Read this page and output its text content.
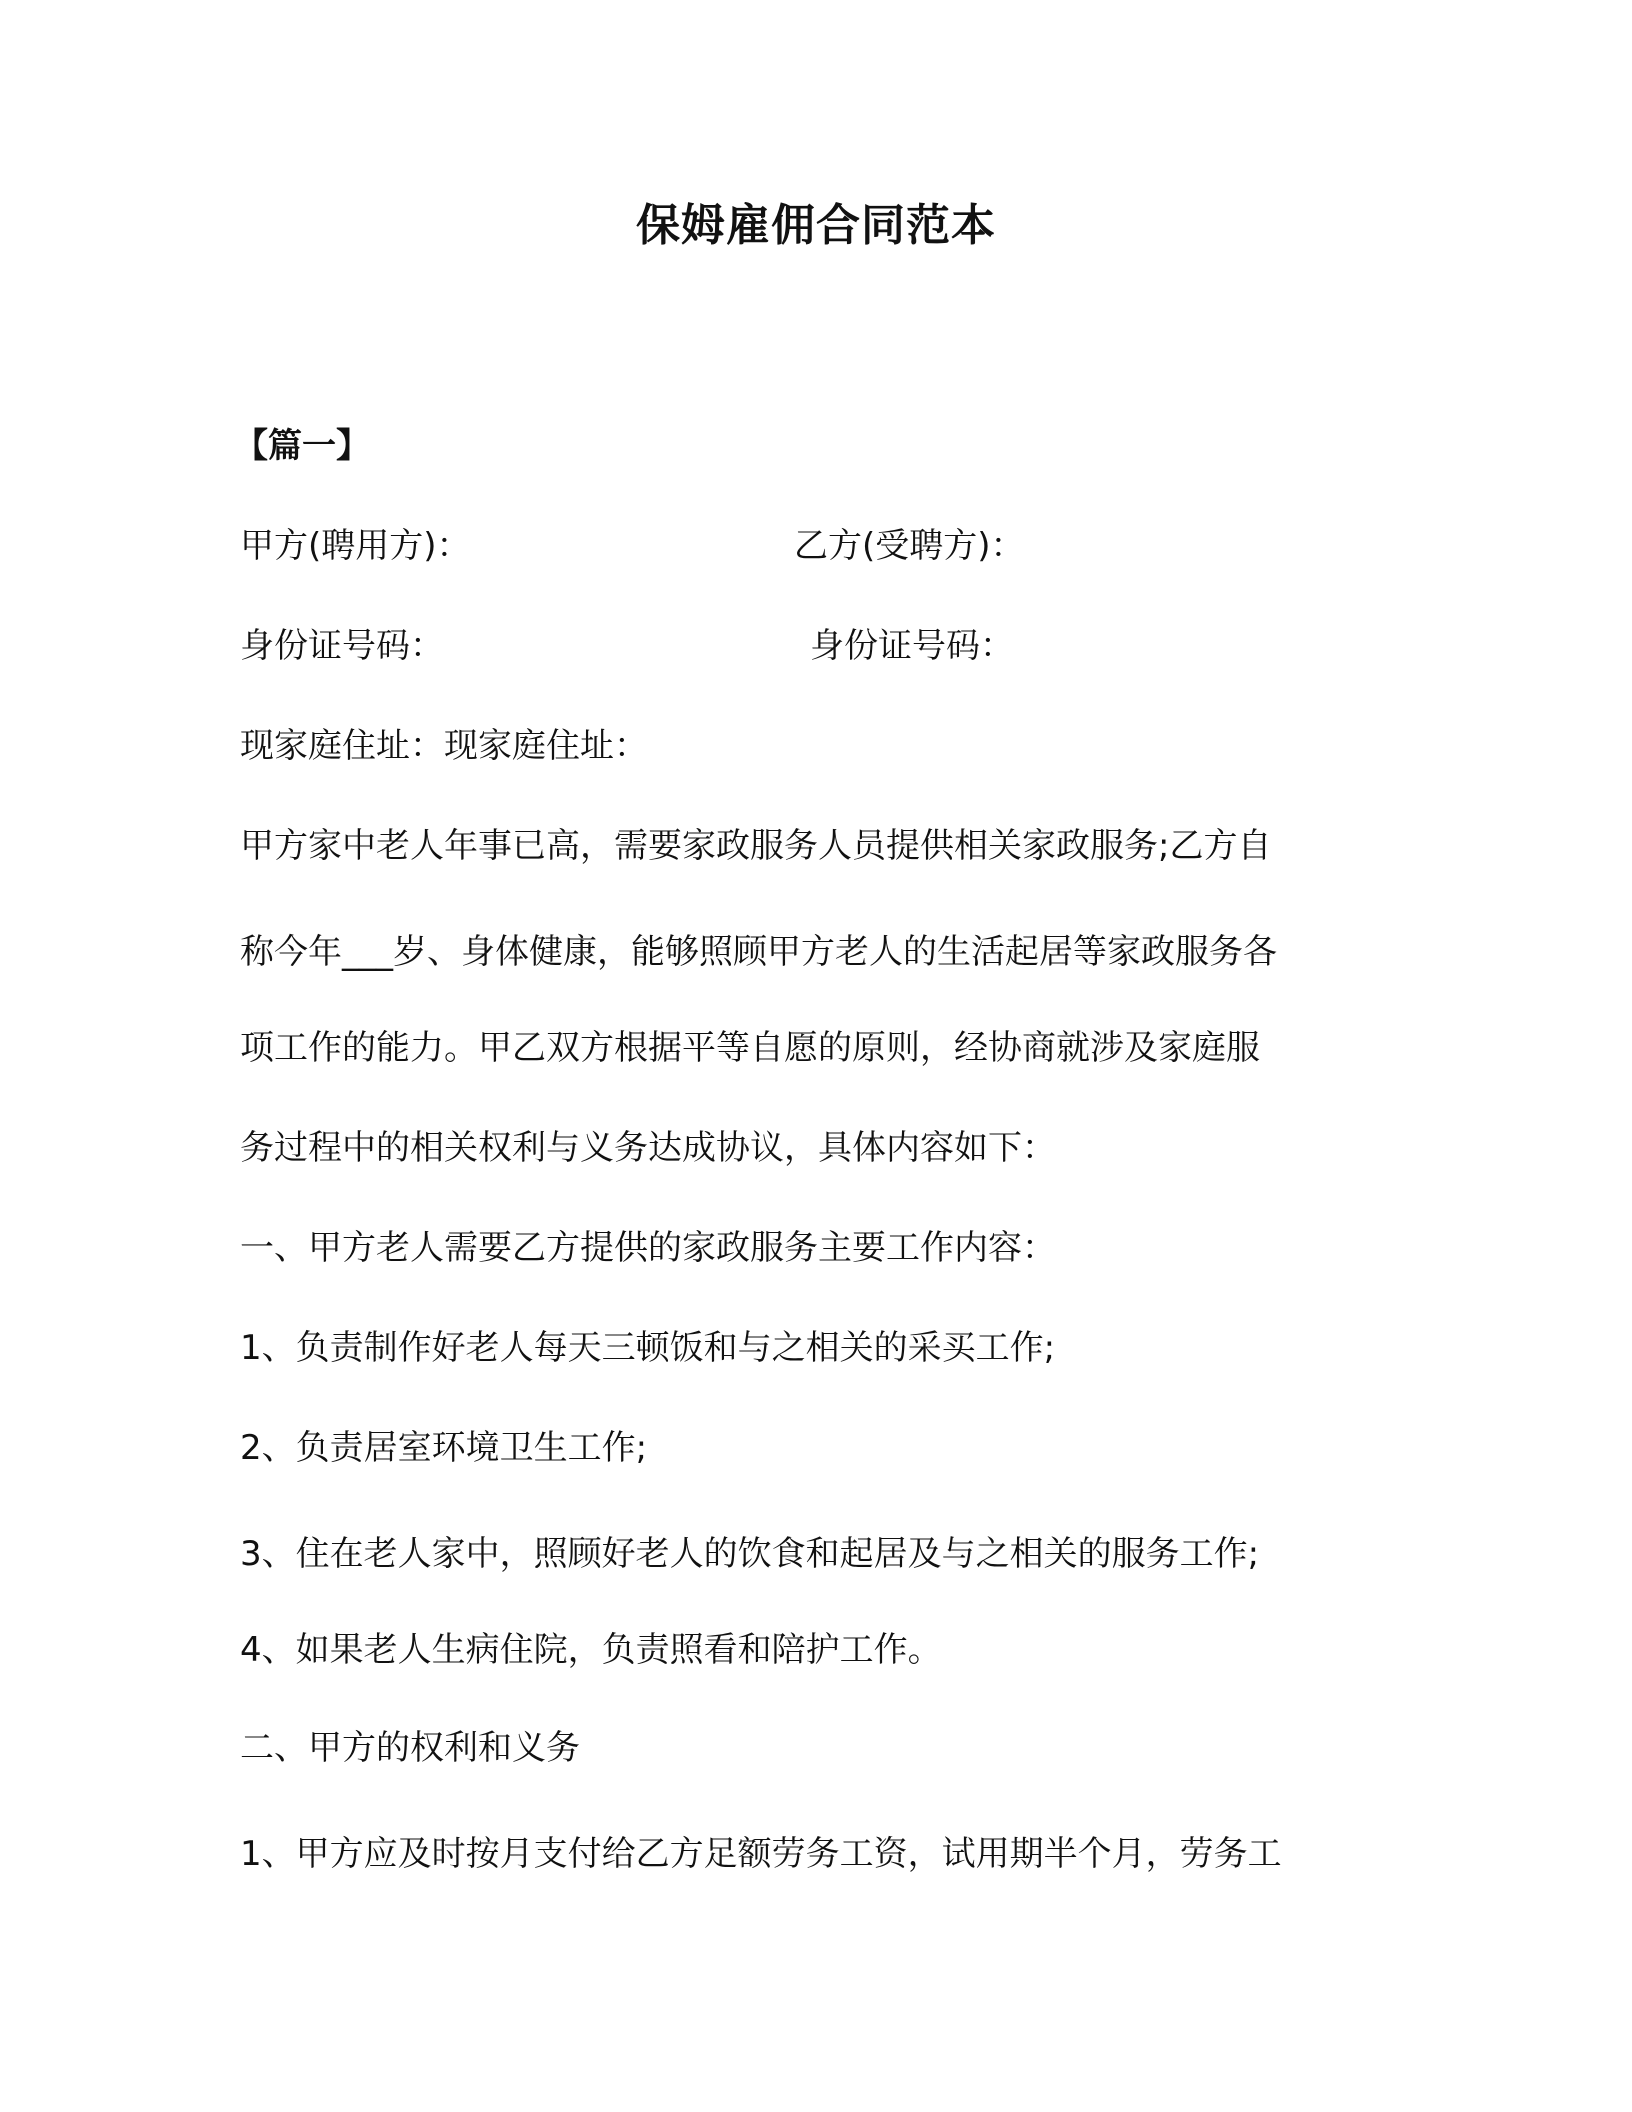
保姆雇佣合同范本
【篇一】
甲方(聘用方)：	乙方(受聘方)：
身份证号码：	身份证号码：
现家庭住址：现家庭住址：
甲方家中老人年事已高，需要家政服务人员提供相关家政服务;乙方自
称今年___岁、身体健康，能够照顾甲方老人的生活起居等家政服务各
项工作的能力。甲乙双方根据平等自愿的原则，经协商就涉及家庭服
务过程中的相关权利与义务达成协议，具体内容如下：
一、甲方老人需要乙方提供的家政服务主要工作内容：
1、负责制作好老人每天三顿饭和与之相关的采买工作;
2、负责居室环境卫生工作;
3、住在老人家中，照顾好老人的饮食和起居及与之相关的服务工作;
4、如果老人生病住院，负责照看和陪护工作。
二、甲方的权利和义务
1、甲方应及时按月支付给乙方足额劳务工资，试用期半个月，劳务工
